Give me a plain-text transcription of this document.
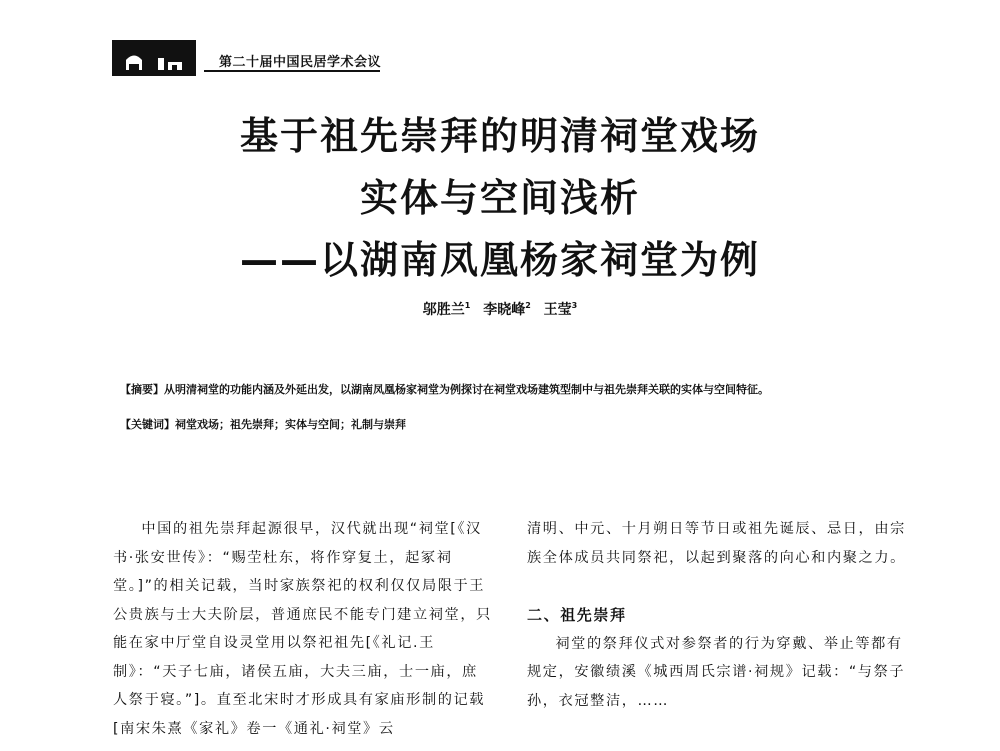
第二十届中国民居学术会议
基于祖先崇拜的明清祠堂戏场
实体与空间浅析
——以湖南凤凰杨家祠堂为例
邬胜兰$^1$ 李晓峰$^2$ 王莹$^3$
【摘要】从明清祠堂的功能内涵及外延出发，以湖南凤凰杨家祠堂为例探讨在祠堂戏场建筑型制中与祖先崇拜关联的实体与空间特征。
【关键词】祠堂戏场；祖先崇拜；实体与空间；礼制与崇拜

中国的祖先崇拜起源很早，汉代就出现“祠堂[《汉书·张安世传》：“赐茔杜东，将作穿复土，起冢祠堂。]”的相关记载，当时家族祭祀的权利仅仅局限于王公贵族与士大夫阶层，普通庶民不能专门建立祠堂，只能在家中厅堂自设灵堂用以祭祀祖先[《礼记.王制》：“天子七庙，诸侯五庙，大夫三庙，士一庙，庶人祭于寝。”]。直至北宋时才形成具有家庙形制的记载[南宋朱熹《家礼》卷一《通礼·祠堂》云

清明、中元、十月朔日等节日或祖先诞辰、忌日，由宗族全体成员共同祭祀，以起到聚落的向心和内聚之力。

二、祖先崇拜

祠堂的祭拜仪式对参祭者的行为穿戴、举止等都有规定，安徽绩溪《城西周氏宗谱·祠规》记载：“与祭子孙，衣冠整洁，……
